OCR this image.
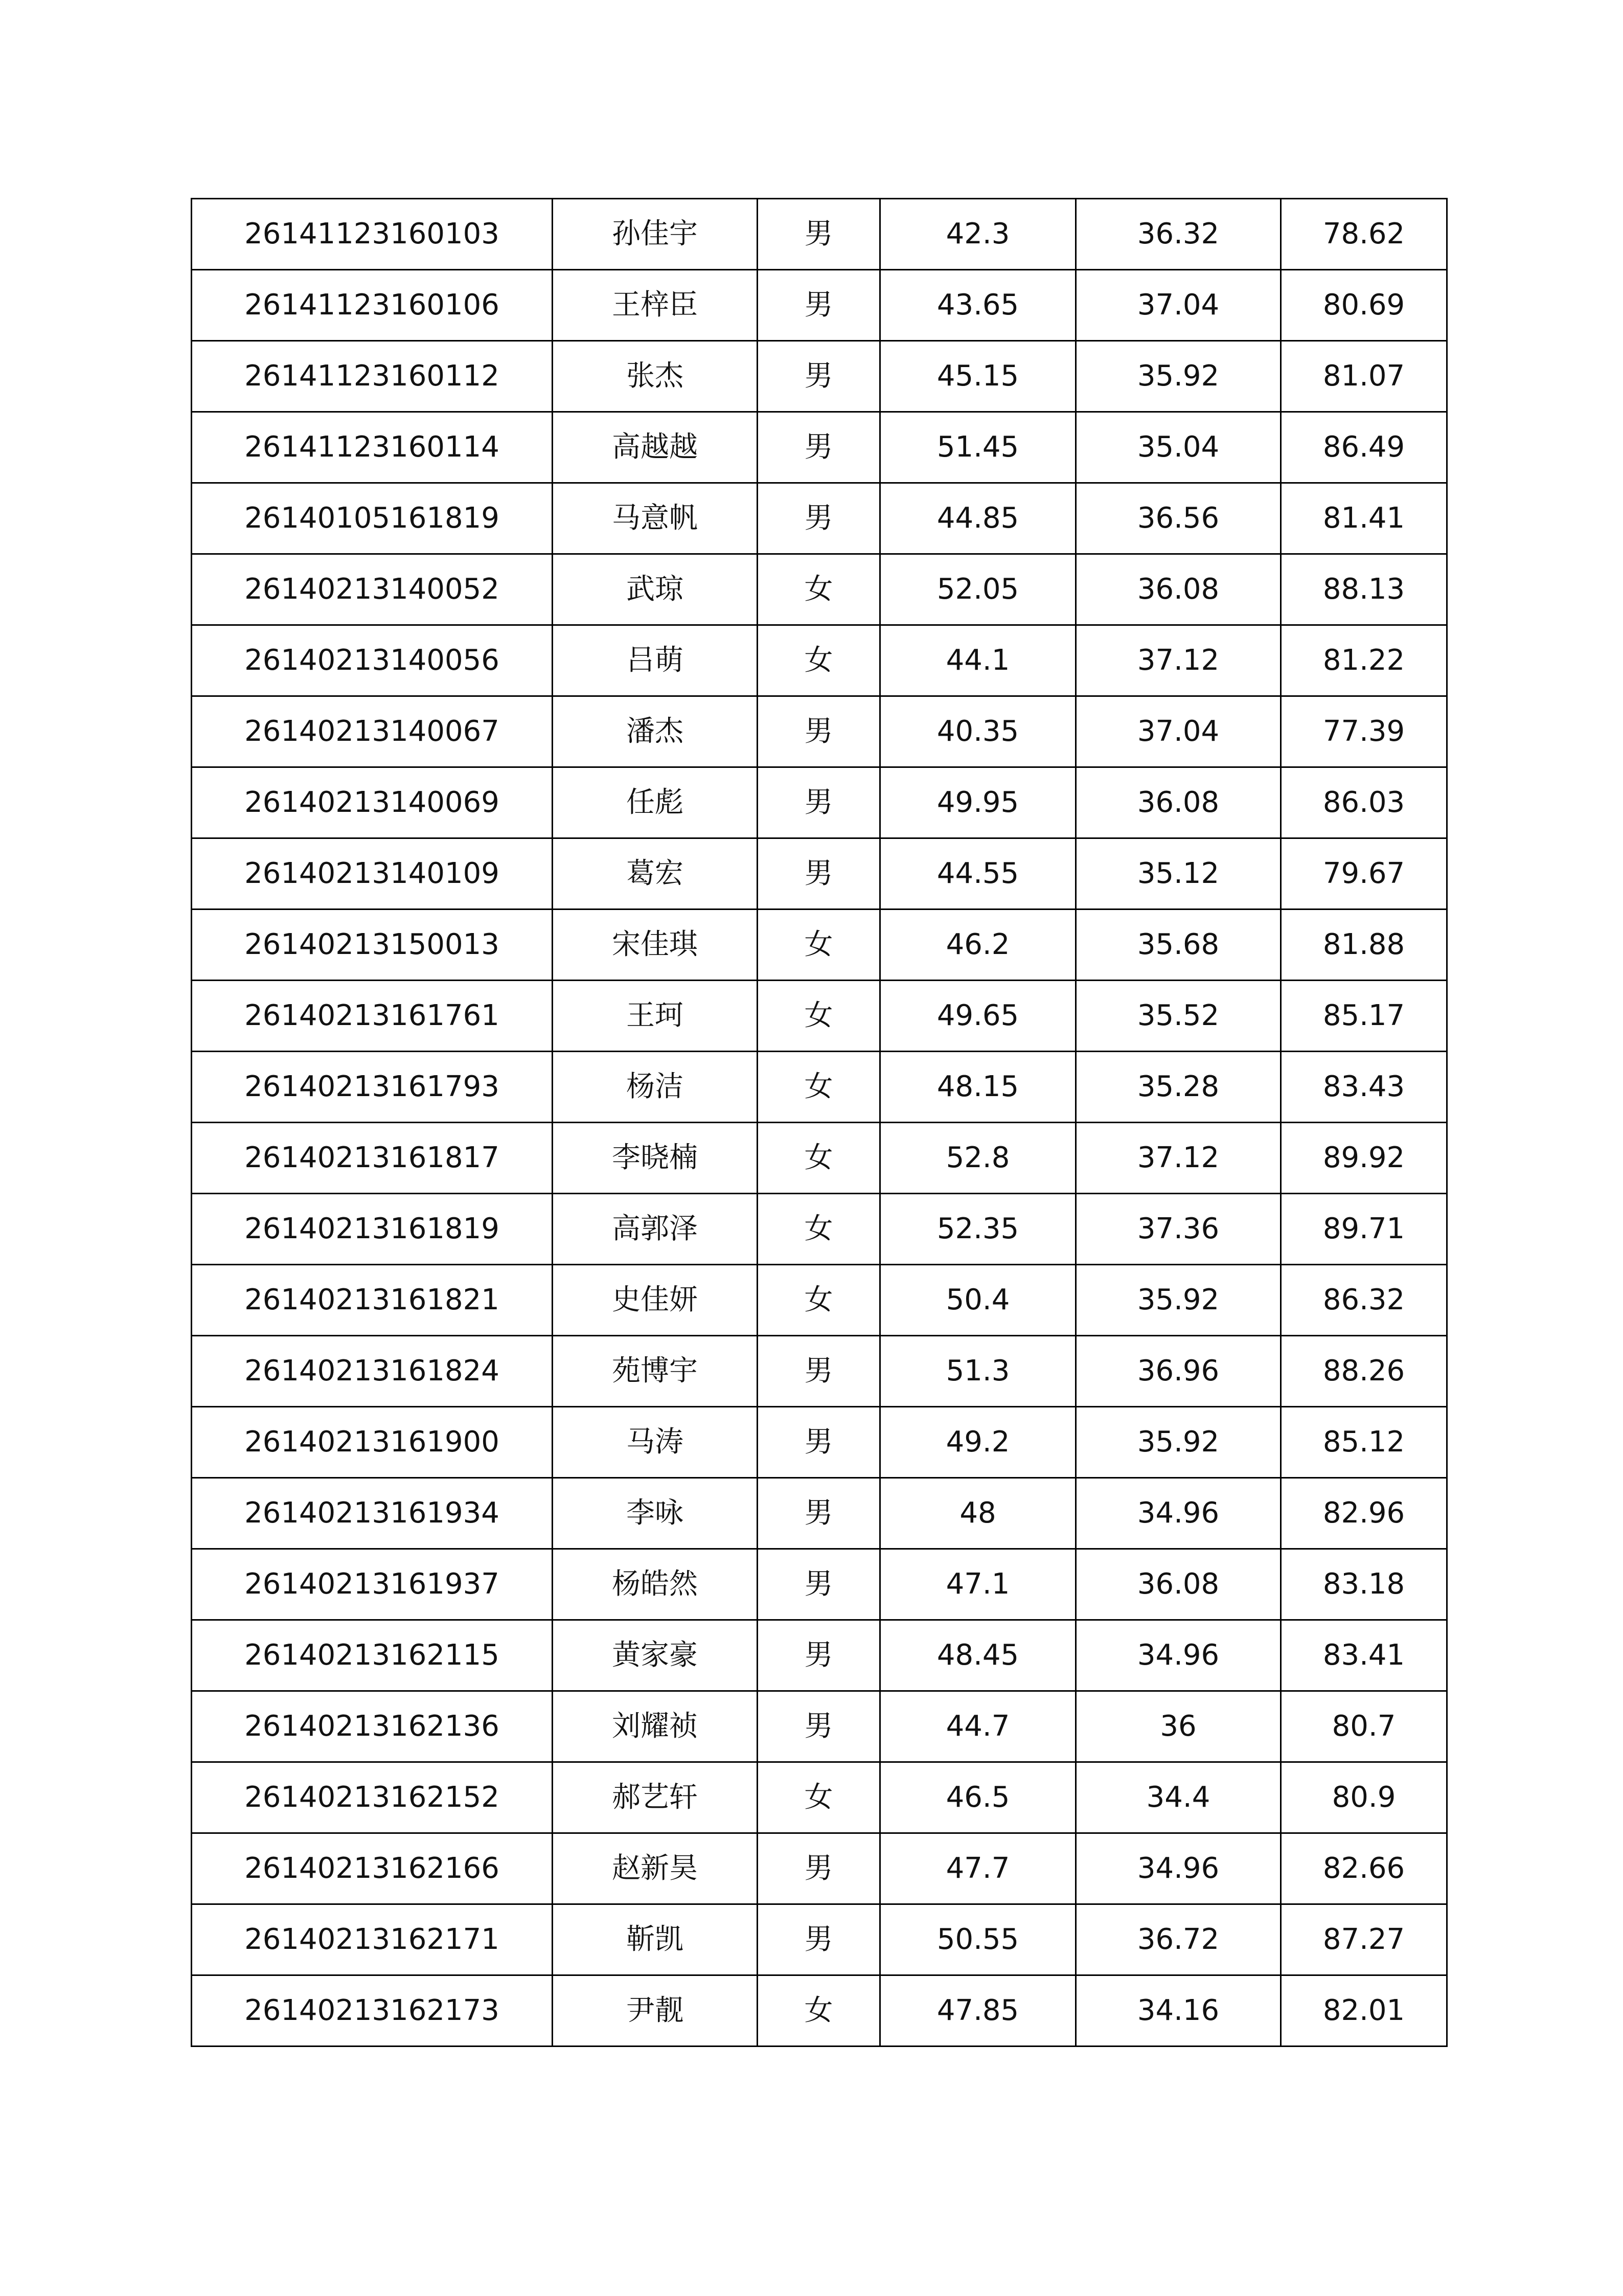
26141123160103	孙佳宇	男	42.3	36.32	78.62
26141123160106	王梓臣	男	43.65	37.04	80.69
26141123160112	张杰	男	45.15	35.92	81.07
26141123160114	高越越	男	51.45	35.04	86.49
26140105161819	马意帆	男	44.85	36.56	81.41
26140213140052	武琼	女	52.05	36.08	88.13
26140213140056	吕萌	女	44.1	37.12	81.22
26140213140067	潘杰	男	40.35	37.04	77.39
26140213140069	任彪	男	49.95	36.08	86.03
26140213140109	葛宏	男	44.55	35.12	79.67
26140213150013	宋佳琪	女	46.2	35.68	81.88
26140213161761	王珂	女	49.65	35.52	85.17
26140213161793	杨洁	女	48.15	35.28	83.43
26140213161817	李晓楠	女	52.8	37.12	89.92
26140213161819	高郭泽	女	52.35	37.36	89.71
26140213161821	史佳妍	女	50.4	35.92	86.32
26140213161824	苑博宇	男	51.3	36.96	88.26
26140213161900	马涛	男	49.2	35.92	85.12
26140213161934	李咏	男	48	34.96	82.96
26140213161937	杨皓然	男	47.1	36.08	83.18
26140213162115	黄家豪	男	48.45	34.96	83.41
26140213162136	刘耀祯	男	44.7	36	80.7
26140213162152	郝艺轩	女	46.5	34.4	80.9
26140213162166	赵新昊	男	47.7	34.96	82.66
26140213162171	靳凯	男	50.55	36.72	87.27
26140213162173	尹靓	女	47.85	34.16	82.01
